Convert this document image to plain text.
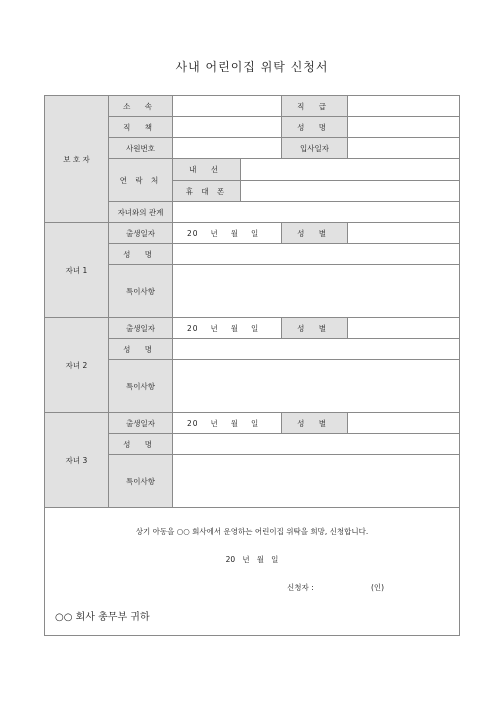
사내 어린이집 위탁 신청서
보 호 자	소 속			직 급	
	직 책			성 명	
	사원번호			입사일자	
	연 락 처	내 선			
		휴 대 폰			
	자녀와의 관계				
자녀 1	출생일자	20 년 월 일		성 별	
	성 명				
	특이사항				
자녀 2	출생일자	20 년 월 일		성 별	
	성 명				
	특이사항				
자녀 3	출생일자	20 년 월 일		성 별	
	성 명				
	특이사항				

상기 아동을 ○○ 회사에서 운영하는 어린이집 위탁을 희망, 신청합니다.
20   년   월   일
신청자 : (인)
○○ 회사 총무부 귀하					
